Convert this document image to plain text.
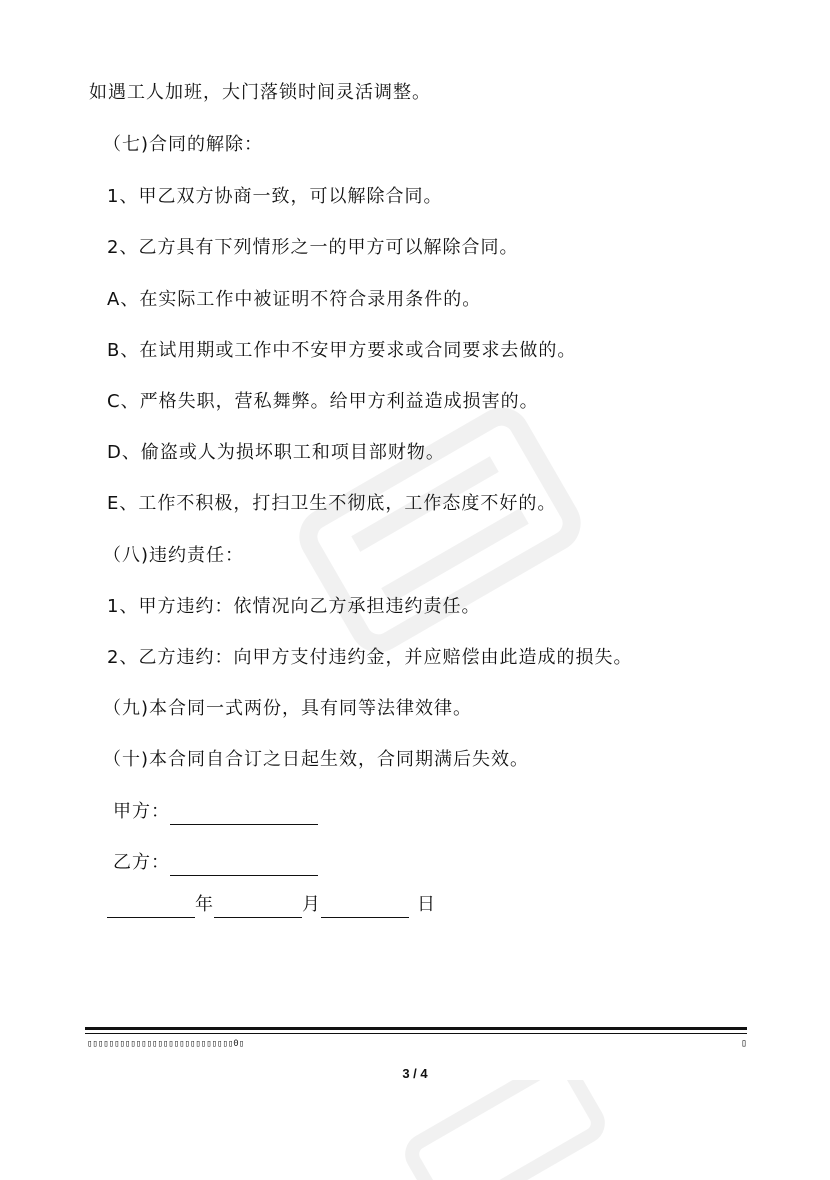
如遇工人加班，大门落锁时间灵活调整。
（七)合同的解除：
1、甲乙双方协商一致，可以解除合同。
2、乙方具有下列情形之一的甲方可以解除合同。
A、在实际工作中被证明不符合录用条件的。
B、在试用期或工作中不安甲方要求或合同要求去做的。
C、严格失职，营私舞弊。给甲方利益造成损害的。
D、偷盗或人为损坏职工和项目部财物。
E、工作不积极，打扫卫生不彻底，工作态度不好的。
（八)违约责任：
1、甲方违约：依情况向乙方承担违约责任。
2、乙方违约：向甲方支付违约金，并应赔偿由此造成的损失。
（九)本合同一式两份，具有同等法律效律。
（十)本合同自合订之日起生效，合同期满后失效。
甲方：
乙方：
年	月	日
▯▯▯▯▯▯▯▯▯▯▯▯▯▯▯▯▯▯▯▯▯▯▯▯▯▯▯0▯	▯
3 / 4
